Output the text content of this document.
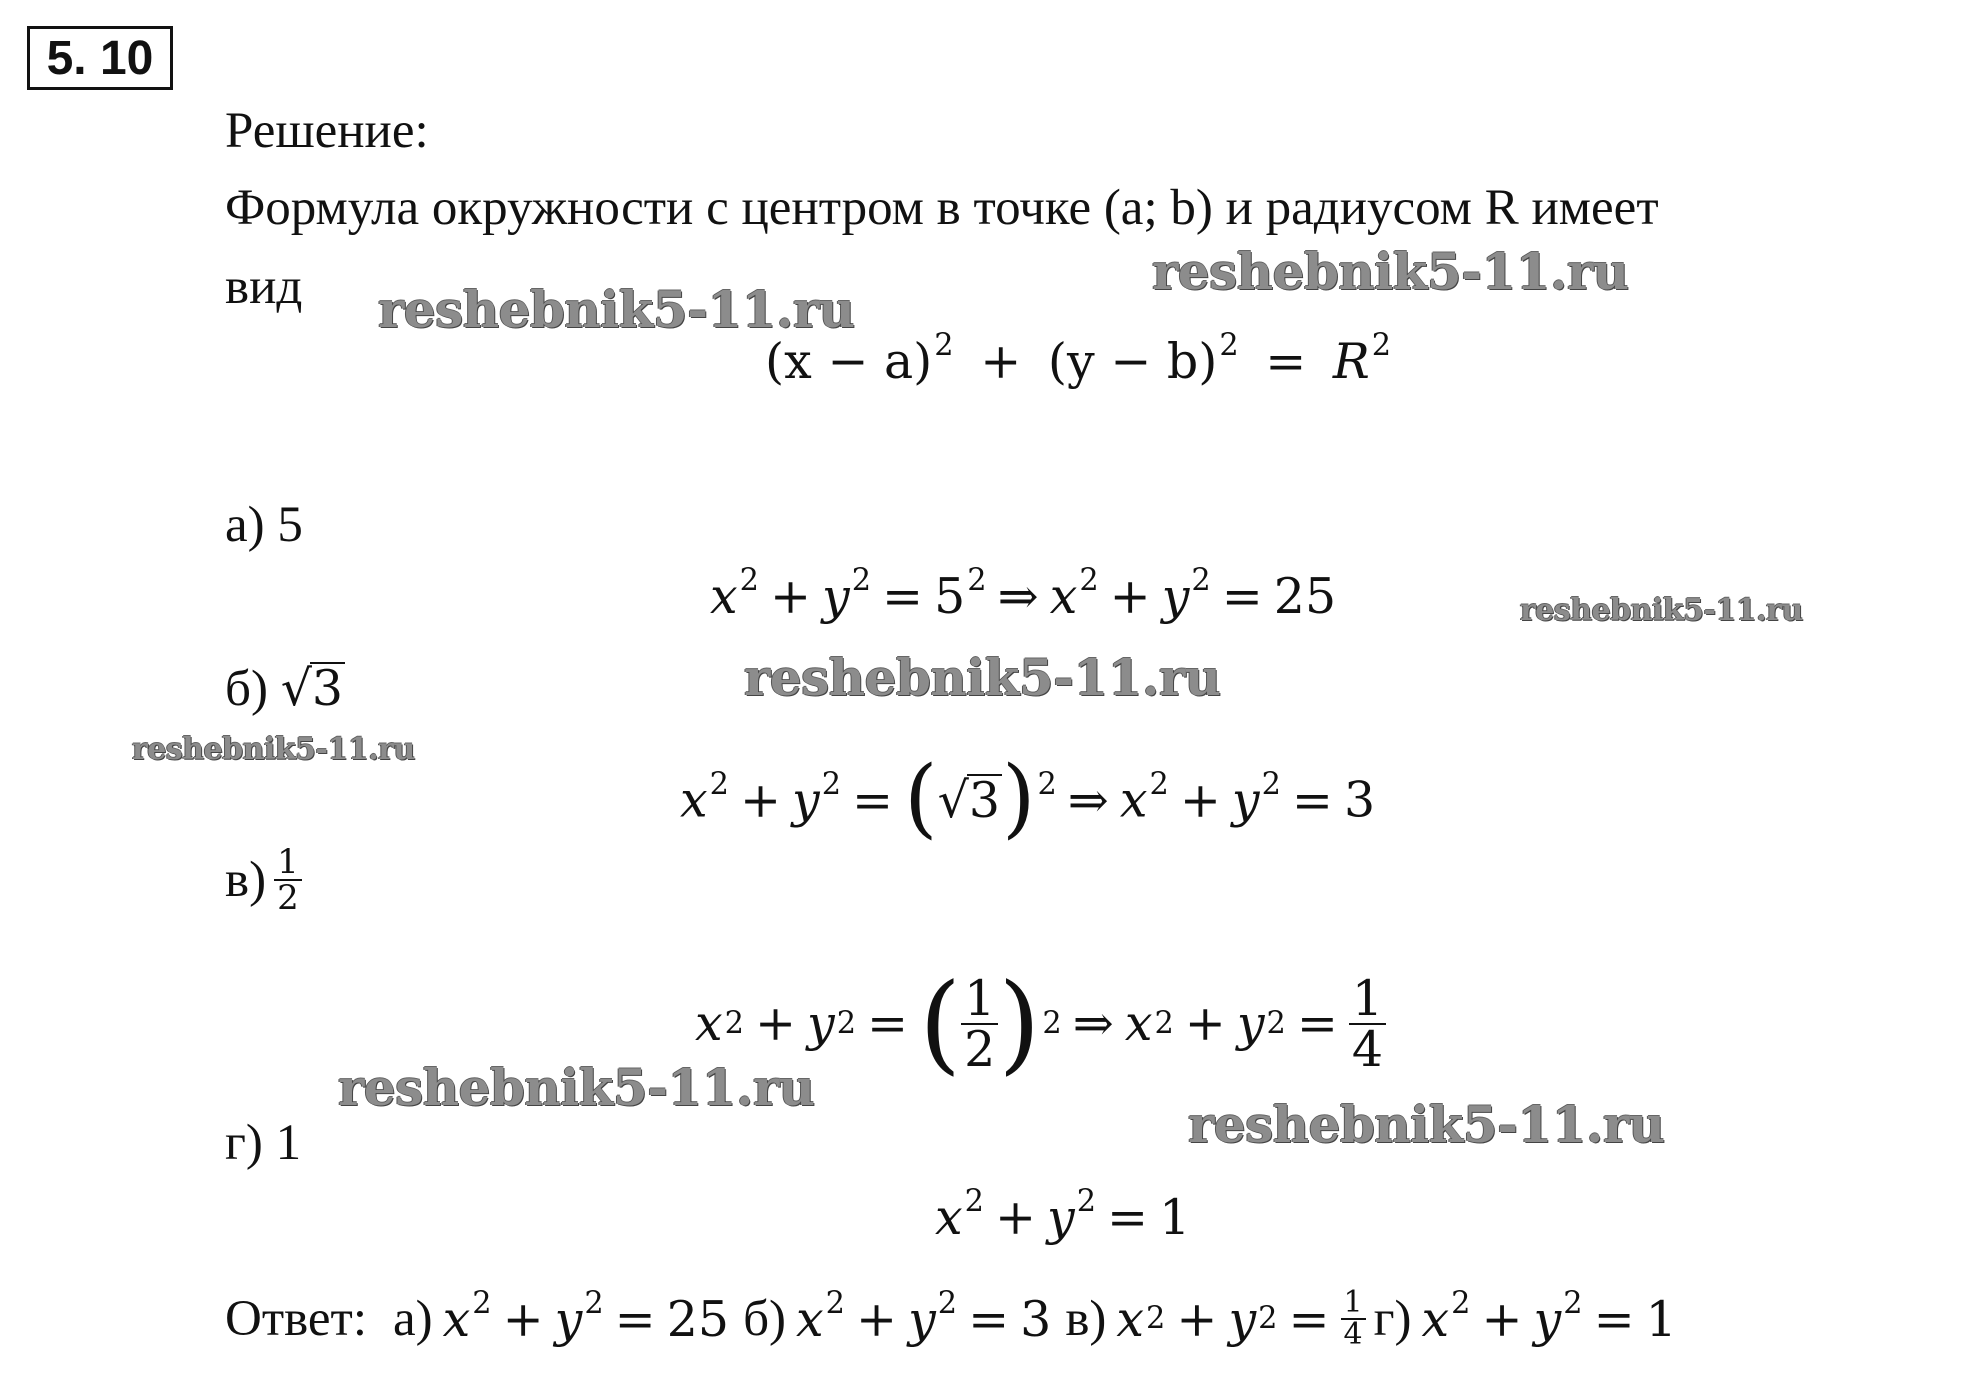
5. 10
Решение:
Формула окружности с центром в точке (a; b) и радиусом R имеет
вид
$(x - a)^2 + (y - b)^2 = R^2$
а) 5
$x^2 + y^2 = 5^2$ ⇒ $x^2 + y^2 = 25$
б) √ 3
$x^2 + y^2$ = ( √ 3 )$^2$ ⇒ $x^2 + y^2 = 3$
$в) \frac{1}{2}$
x 2 + y 2 = ( $\frac{1}{2}$ ) 2 ⇒ x 2 + y $2 = \frac{1}{4}$
г) 1
$x^2 + y^2 = 1$
Ответ: а) $x^2 + y^2 = 25$ б) $x^2 + y^2 = 3$ в) x 2 + y $2 = \frac{1}{4} г$) $x^2 + y^2 = 1$
reshebnik5-11.ru
reshebnik5-11.ru
reshebnik5-11.ru
reshebnik5-11.ru
reshebnik5-11.ru
reshebnik5-11.ru
reshebnik5-11.ru
